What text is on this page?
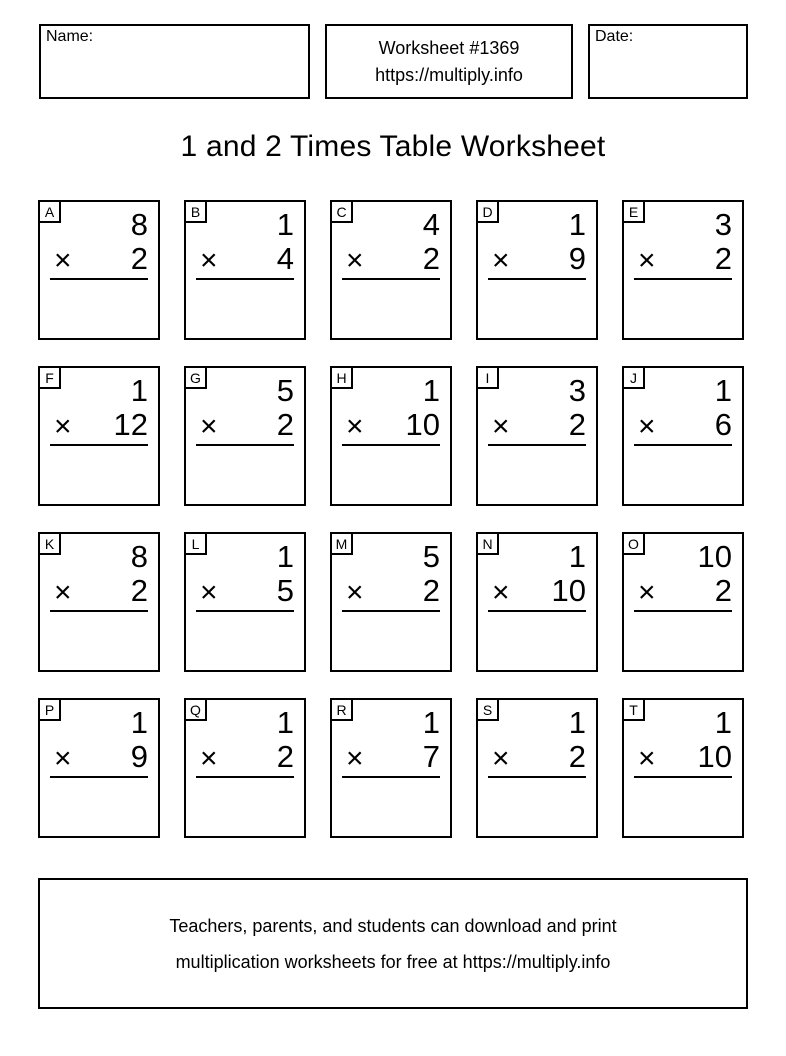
Name:
Worksheet #1369
https://multiply.info
Date:
1 and 2 Times Table Worksheet
A 8
× 2
B 1
× 4
C 4
× 2
D 1
× 9
E 3
× 2
F 1
× 12
G 5
× 2
H 1
× 10
I	3
× 2
J	1
× 6
K 8
× 2
L 1
× 5
M 5
× 2
N 1
× 10
O 10
× 2
P 1
× 9
Q 1
× 2
R 1
× 7
S 1
× 2
T 1
× 10
Teachers, parents, and students can download and print
multiplication worksheets for free at https://multiply.info
